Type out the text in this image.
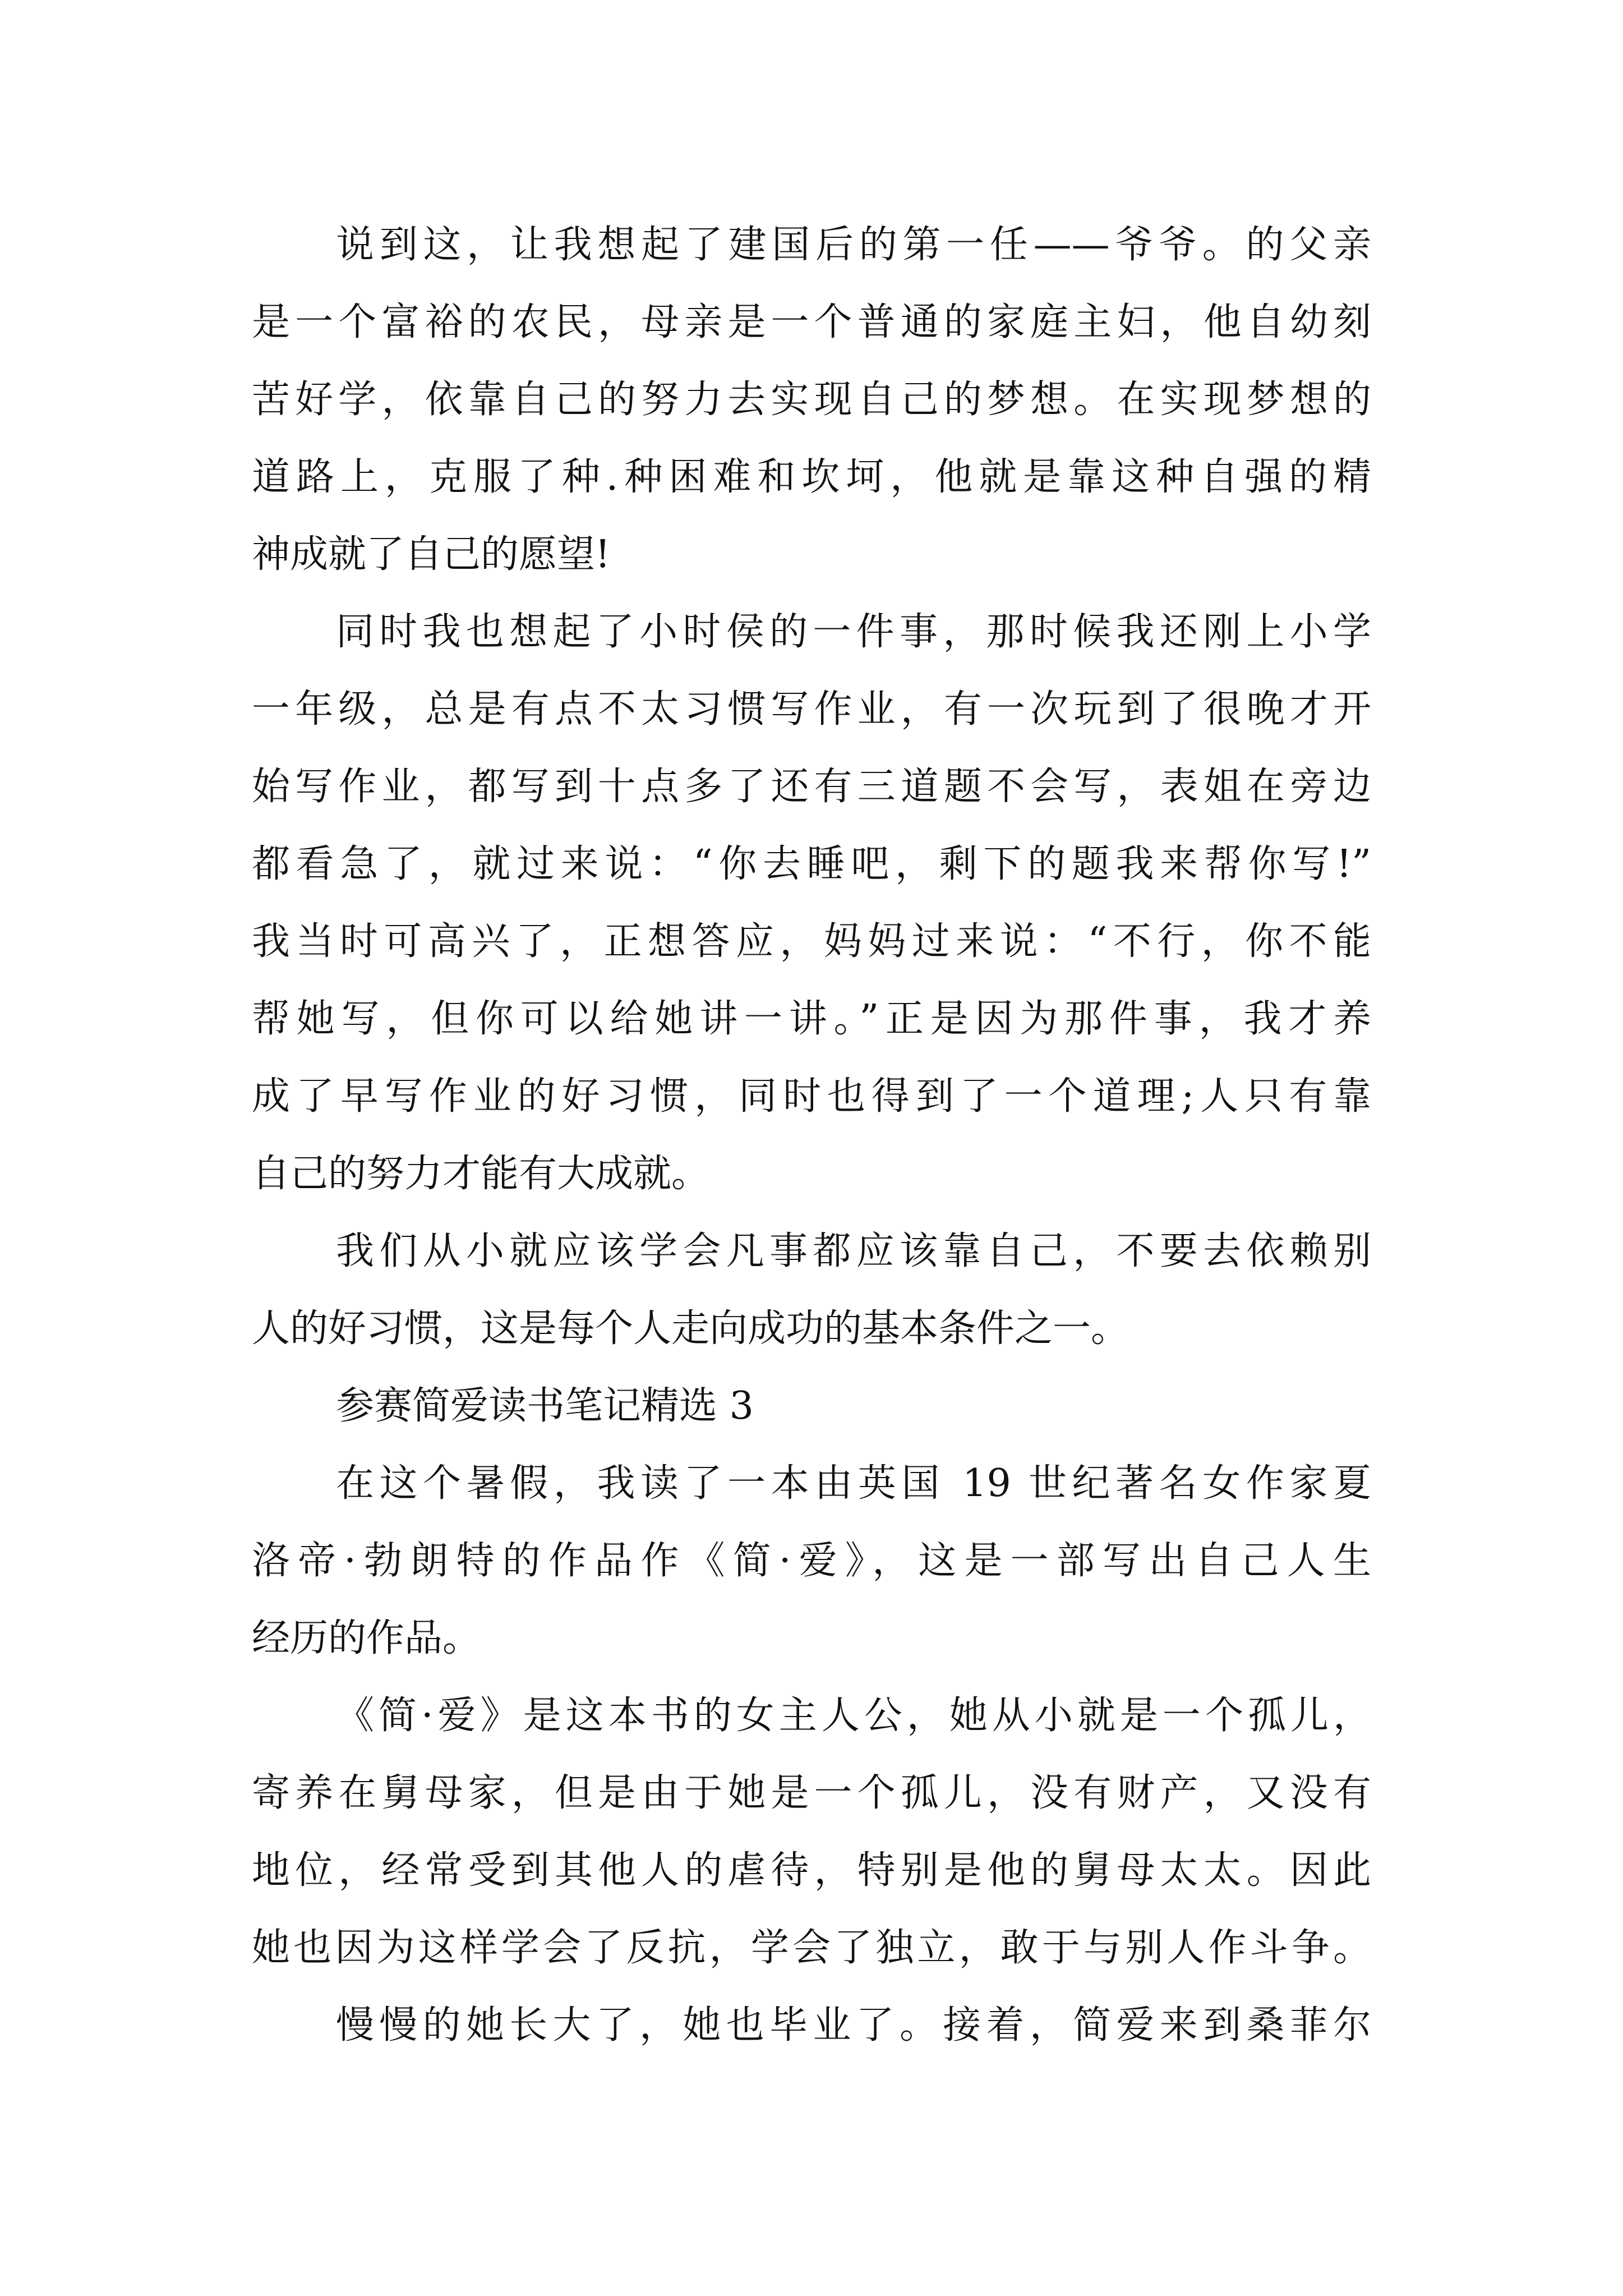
说到这，让我想起了建国后的第一任——爷爷。的父亲
是一个富裕的农民，母亲是一个普通的家庭主妇，他自幼刻
苦好学，依靠自己的努力去实现自己的梦想。在实现梦想的
道路上，克服了种.种困难和坎坷，他就是靠这种自强的精
神成就了自己的愿望!
同时我也想起了小时侯的一件事，那时候我还刚上小学
一年级，总是有点不太习惯写作业，有一次玩到了很晚才开
始写作业，都写到十点多了还有三道题不会写，表姐在旁边
都看急了，就过来说：“你去睡吧，剩下的题我来帮你写!”
我当时可高兴了，正想答应，妈妈过来说：“不行，你不能
帮她写，但你可以给她讲一讲。”正是因为那件事，我才养
成了早写作业的好习惯，同时也得到了一个道理;人只有靠
自己的努力才能有大成就。
我们从小就应该学会凡事都应该靠自己，不要去依赖别
人的好习惯，这是每个人走向成功的基本条件之一。
参赛简爱读书笔记精选 3
在这个暑假，我读了一本由英国 19 世纪著名女作家夏
洛帝·勃朗特的作品作《简·爱》，这是一部写出自己人生
经历的作品。
《简·爱》是这本书的女主人公，她从小就是一个孤儿，
寄养在舅母家，但是由于她是一个孤儿，没有财产，又没有
地位，经常受到其他人的虐待，特别是他的舅母太太。因此
她也因为这样学会了反抗，学会了独立，敢于与别人作斗争。
慢慢的她长大了，她也毕业了。接着，简爱来到桑菲尔
